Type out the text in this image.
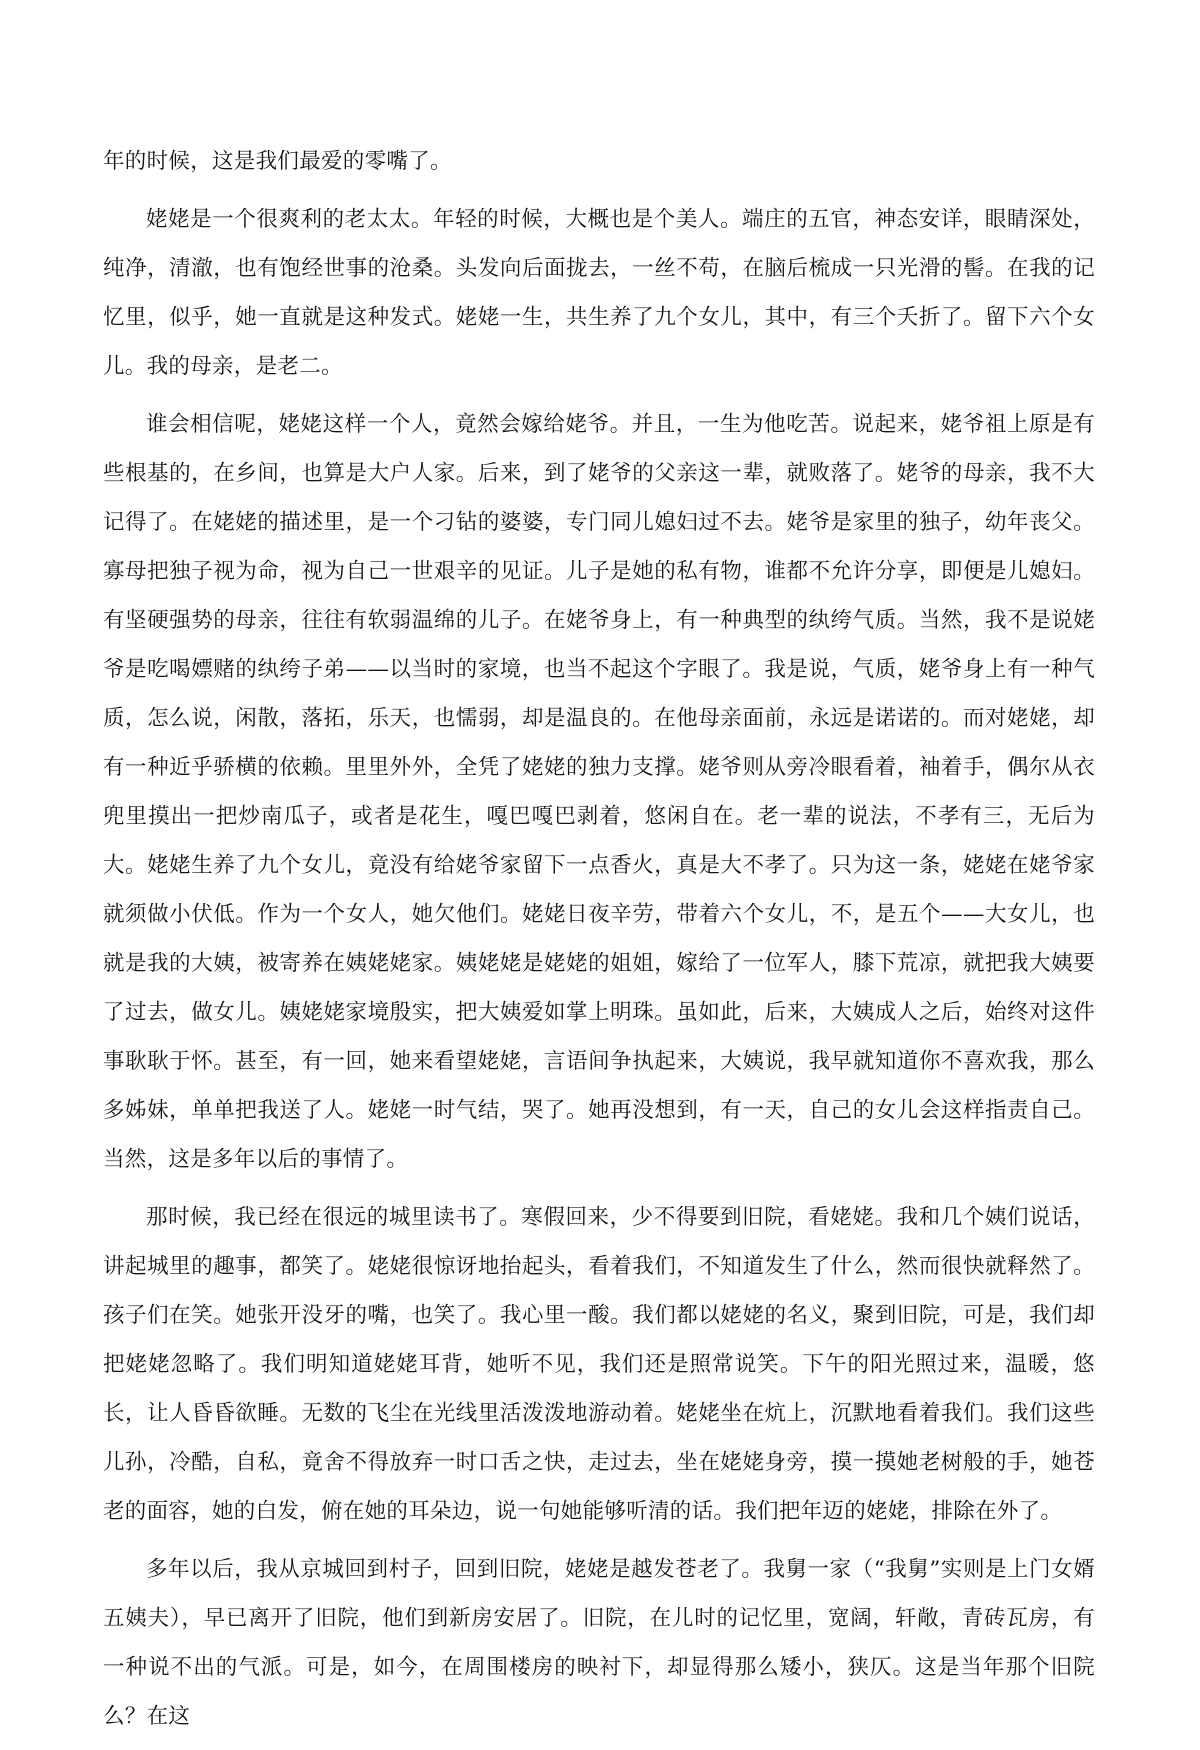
年的时候，这是我们最爱的零嘴了。

姥姥是一个很爽利的老太太。年轻的时候，大概也是个美人。端庄的五官，神态安详，眼睛深处，纯净，清澈，也有饱经世事的沧桑。头发向后面拢去，一丝不苟，在脑后梳成一只光滑的髻。在我的记忆里，似乎，她一直就是这种发式。姥姥一生，共生养了九个女儿，其中，有三个夭折了。留下六个女儿。我的母亲，是老二。

谁会相信呢，姥姥这样一个人，竟然会嫁给姥爷。并且，一生为他吃苦。说起来，姥爷祖上原是有些根基的，在乡间，也算是大户人家。后来，到了姥爷的父亲这一辈，就败落了。姥爷的母亲，我不大记得了。在姥姥的描述里，是一个刁钻的婆婆，专门同儿媳妇过不去。姥爷是家里的独子，幼年丧父。寡母把独子视为命，视为自己一世艰辛的见证。儿子是她的私有物，谁都不允许分享，即便是儿媳妇。有坚硬强势的母亲，往往有软弱温绵的儿子。在姥爷身上，有一种典型的纨绔气质。当然，我不是说姥爷是吃喝嫖赌的纨绔子弟——以当时的家境，也当不起这个字眼了。我是说，气质，姥爷身上有一种气质，怎么说，闲散，落拓，乐天，也懦弱，却是温良的。在他母亲面前，永远是诺诺的。而对姥姥，却有一种近乎骄横的依赖。里里外外，全凭了姥姥的独力支撑。姥爷则从旁冷眼看着，袖着手，偶尔从衣兜里摸出一把炒南瓜子，或者是花生，嘎巴嘎巴剥着，悠闲自在。老一辈的说法，不孝有三，无后为大。姥姥生养了九个女儿，竟没有给姥爷家留下一点香火，真是大不孝了。只为这一条，姥姥在姥爷家就须做小伏低。作为一个女人，她欠他们。姥姥日夜辛劳，带着六个女儿，不，是五个——大女儿，也就是我的大姨，被寄养在姨姥姥家。姨姥姥是姥姥的姐姐，嫁给了一位军人，膝下荒凉，就把我大姨要了过去，做女儿。姨姥姥家境殷实，把大姨爱如掌上明珠。虽如此，后来，大姨成人之后，始终对这件事耿耿于怀。甚至，有一回，她来看望姥姥，言语间争执起来，大姨说，我早就知道你不喜欢我，那么多姊妹，单单把我送了人。姥姥一时气结，哭了。她再没想到，有一天，自己的女儿会这样指责自己。当然，这是多年以后的事情了。

那时候，我已经在很远的城里读书了。寒假回来，少不得要到旧院，看姥姥。我和几个姨们说话，讲起城里的趣事，都笑了。姥姥很惊讶地抬起头，看着我们，不知道发生了什么，然而很快就释然了。孩子们在笑。她张开没牙的嘴，也笑了。我心里一酸。我们都以姥姥的名义，聚到旧院，可是，我们却把姥姥忽略了。我们明知道姥姥耳背，她听不见，我们还是照常说笑。下午的阳光照过来，温暖，悠长，让人昏昏欲睡。无数的飞尘在光线里活泼泼地游动着。姥姥坐在炕上，沉默地看着我们。我们这些儿孙，冷酷，自私，竟舍不得放弃一时口舌之快，走过去，坐在姥姥身旁，摸一摸她老树般的手，她苍老的面容，她的白发，俯在她的耳朵边，说一句她能够听清的话。我们把年迈的姥姥，排除在外了。

多年以后，我从京城回到村子，回到旧院，姥姥是越发苍老了。我舅一家（“我舅”实则是上门女婿五姨夫），早已离开了旧院，他们到新房安居了。旧院，在儿时的记忆里，宽阔，轩敞，青砖瓦房，有一种说不出的气派。可是，如今，在周围楼房的映衬下，却显得那么矮小，狭仄。这是当年那个旧院么？在这
